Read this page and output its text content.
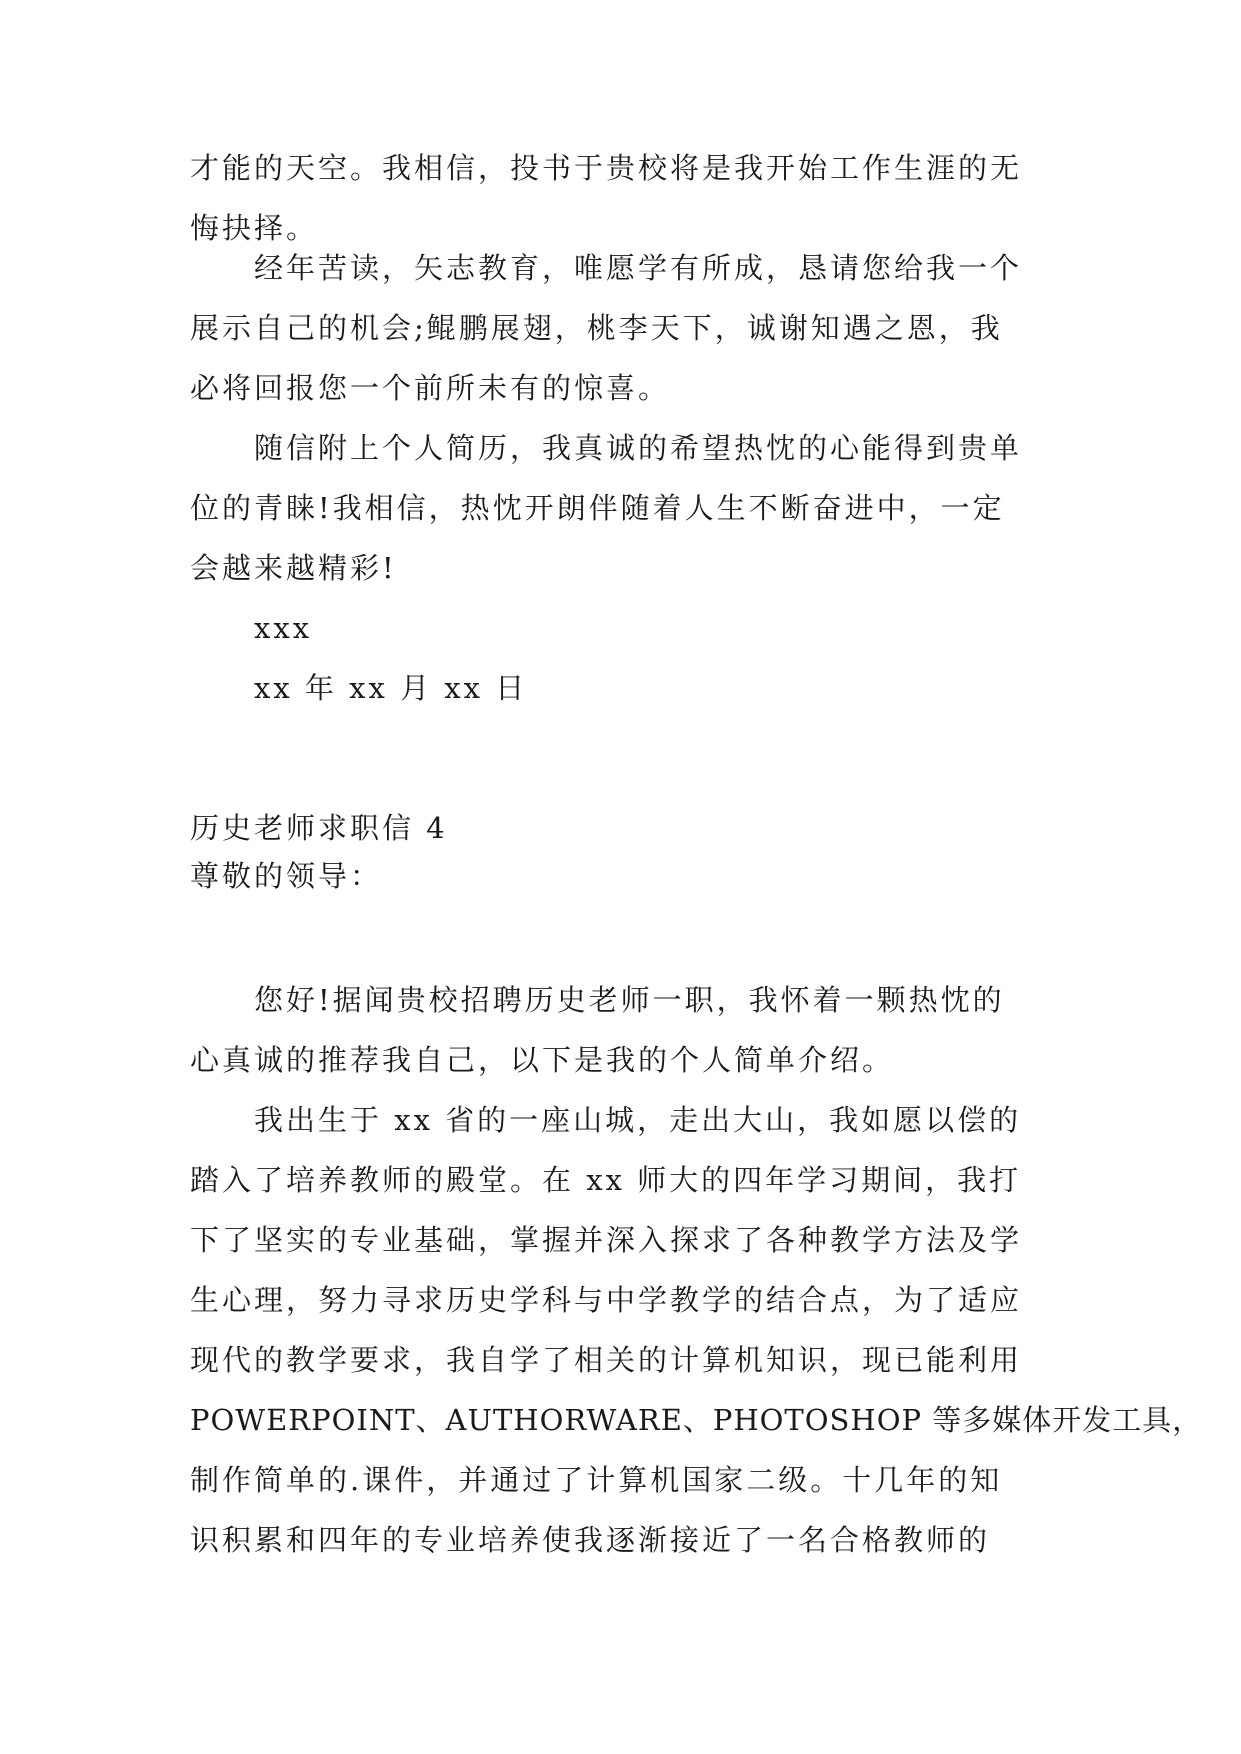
才能的天空。我相信，投书于贵校将是我开始工作生涯的无
悔抉择。
经年苦读，矢志教育，唯愿学有所成，恳请您给我一个
展示自己的机会;鲲鹏展翅，桃李天下，诚谢知遇之恩，我
必将回报您一个前所未有的惊喜。
随信附上个人简历，我真诚的希望热忱的心能得到贵单
位的青睐!我相信，热忱开朗伴随着人生不断奋进中，一定
会越来越精彩!
xxx
xx 年 xx 月 xx 日
历史老师求职信 4
尊敬的领导：
您好!据闻贵校招聘历史老师一职，我怀着一颗热忱的
心真诚的推荐我自己，以下是我的个人简单介绍。
我出生于 xx 省的一座山城，走出大山，我如愿以偿的
踏入了培养教师的殿堂。在 xx 师大的四年学习期间，我打
下了坚实的专业基础，掌握并深入探求了各种教学方法及学
生心理，努力寻求历史学科与中学教学的结合点，为了适应
现代的教学要求，我自学了相关的计算机知识，现已能利用
POWERPOINT、AUTHORWARE、PHOTOSHOP 等多媒体开发工具，
制作简单的.课件，并通过了计算机国家二级。十几年的知
识积累和四年的专业培养使我逐渐接近了一名合格教师的
